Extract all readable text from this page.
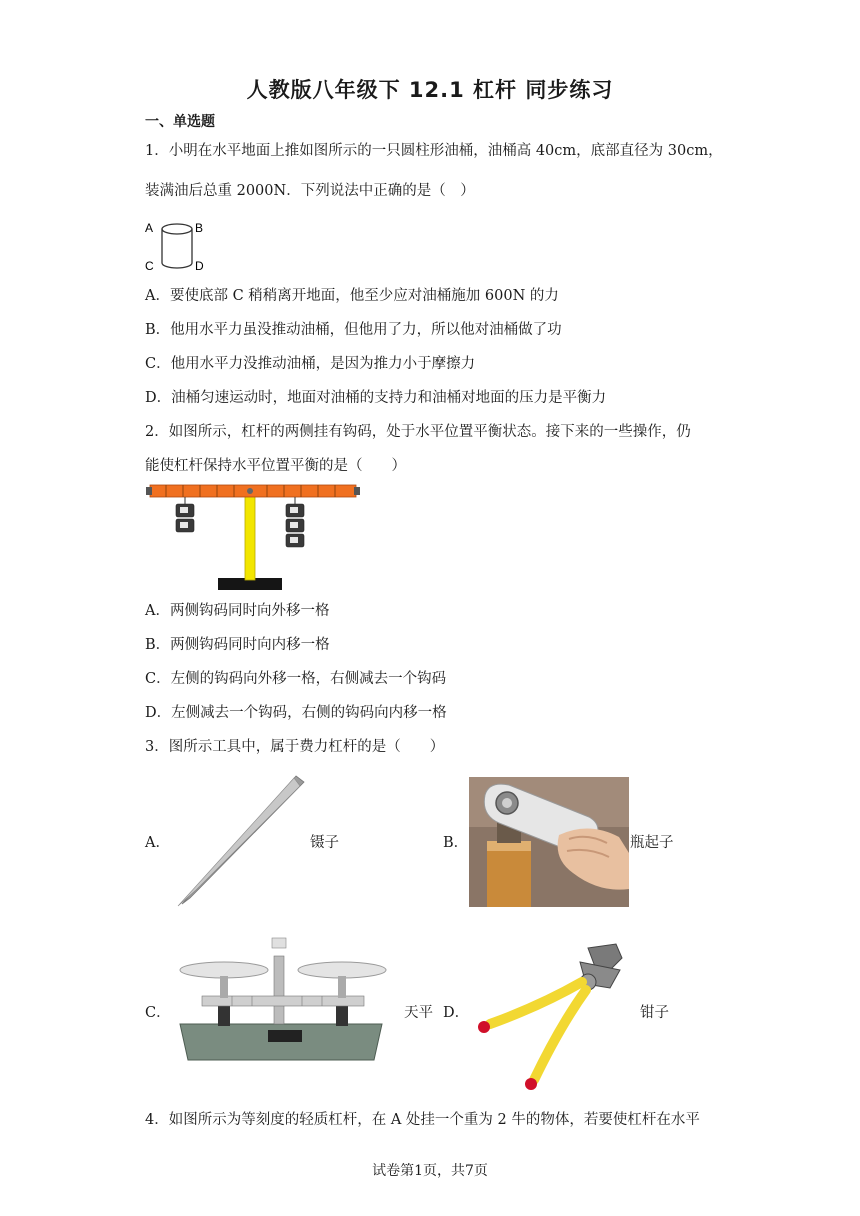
人教版八年级下 12.1 杠杆 同步练习
一、单选题
1．小明在水平地面上推如图所示的一只圆柱形油桶，油桶高 40cm，底部直径为 30cm，
装满油后总重 2000N．下列说法中正确的是（　）
A	B
C	D
A．要使底部 C 稍稍离开地面，他至少应对油桶施加 600N 的力
B．他用水平力虽没推动油桶，但他用了力，所以他对油桶做了功
C．他用水平力没推动油桶，是因为推力小于摩擦力
D．油桶匀速运动时，地面对油桶的支持力和油桶对地面的压力是平衡力
2．如图所示，杠杆的两侧挂有钩码，处于水平位置平衡状态。接下来的一些操作，仍
能使杠杆保持水平位置平衡的是（　　）
A．两侧钩码同时向外移一格
B．两侧钩码同时向内移一格
C．左侧的钩码向外移一格，右侧减去一个钩码
D．左侧减去一个钩码，右侧的钩码向内移一格
3．图所示工具中，属于费力杠杆的是（　　）
A．	镊子	B．	瓶起子
C．	天平 D．	钳子
4．如图所示为等刻度的轻质杠杆，在 A 处挂一个重为 2 牛的物体，若要使杠杆在水平
试卷第1页，共7页
